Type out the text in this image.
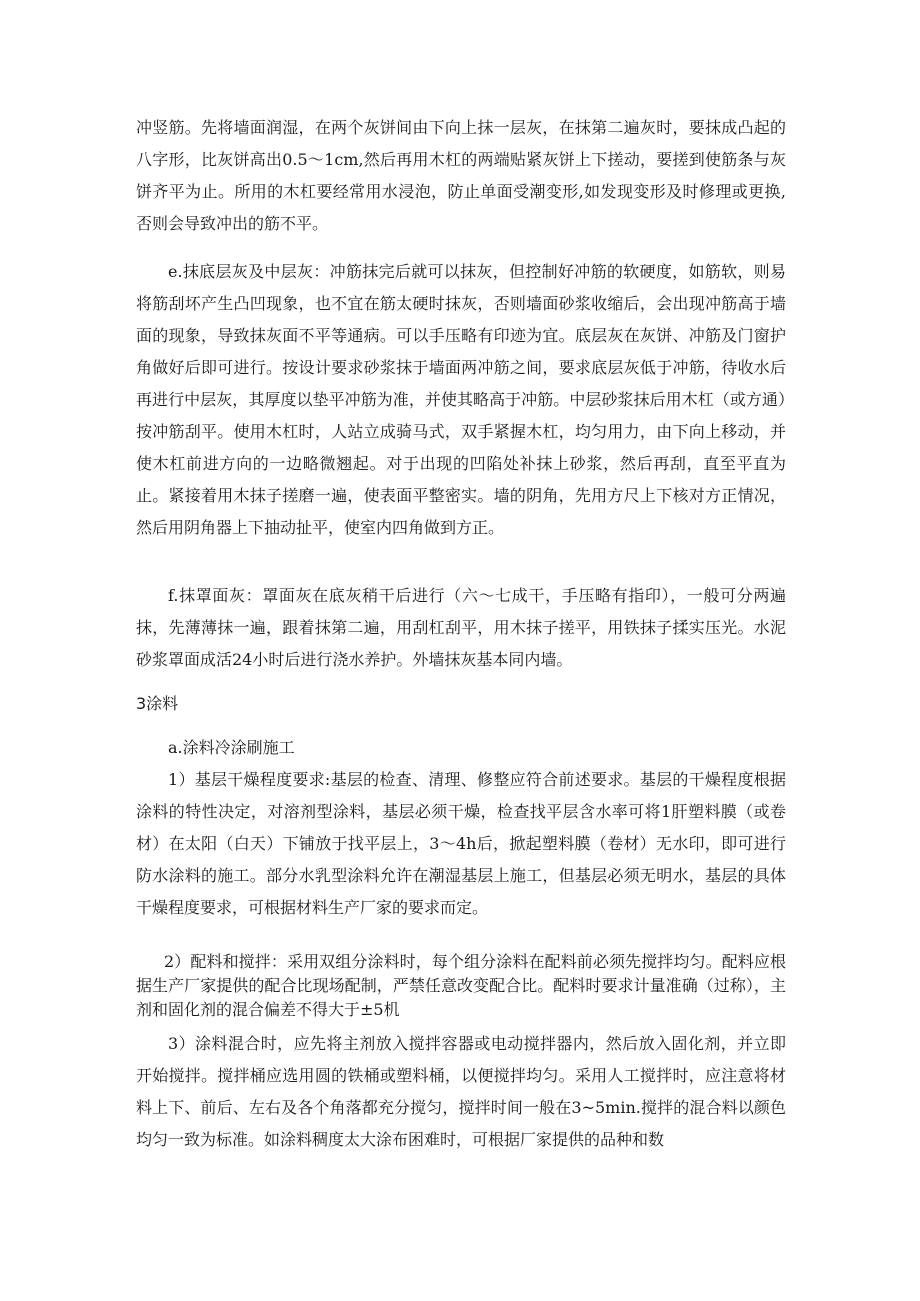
冲竖筋。先将墙面润湿，在两个灰饼间由下向上抹一层灰，在抹第二遍灰时，要抹成凸起的八字形，比灰饼高出0.5～1cm,然后再用木杠的两端贴紧灰饼上下搓动，要搓到使筋条与灰饼齐平为止。所用的木杠要经常用水浸泡，防止单面受潮变形,如发现变形及时修理或更换,否则会导致冲出的筋不平。

e.抹底层灰及中层灰：冲筋抹完后就可以抹灰，但控制好冲筋的软硬度，如筋软，则易将筋刮坏产生凸凹现象，也不宜在筋太硬时抹灰，否则墙面砂浆收缩后，会出现冲筋高于墙面的现象，导致抹灰面不平等通病。可以手压略有印迹为宜。底层灰在灰饼、冲筋及门窗护角做好后即可进行。按设计要求砂浆抹于墙面两冲筋之间，要求底层灰低于冲筋，待收水后再进行中层灰，其厚度以垫平冲筋为准，并使其略高于冲筋。中层砂浆抹后用木杠（或方通）按冲筋刮平。使用木杠时，人站立成骑马式，双手紧握木杠，均匀用力，由下向上移动，并使木杠前进方向的一边略微翘起。对于出现的凹陷处补抹上砂浆，然后再刮，直至平直为止。紧接着用木抹子搓磨一遍，使表面平整密实。墙的阴角，先用方尺上下核对方正情况，然后用阴角器上下抽动扯平，使室内四角做到方正。

f.抹罩面灰：罩面灰在底灰稍干后进行（六～七成干，手压略有指印），一般可分两遍抹，先薄薄抹一遍，跟着抹第二遍，用刮杠刮平，用木抹子搓平，用铁抹子揉实压光。水泥砂浆罩面成活24小时后进行浇水养护。外墙抹灰基本同内墙。

3涂料

a.涂料冷涂刷施工

1）基层干燥程度要求:基层的检查、清理、修整应符合前述要求。基层的干燥程度根据涂料的特性决定，对溶剂型涂料，基层必须干燥，检查找平层含水率可将1肝塑料膜（或卷材）在太阳（白天）下铺放于找平层上，3～4h后，掀起塑料膜（卷材）无水印，即可进行防水涂料的施工。部分水乳型涂料允许在潮湿基层上施工，但基层必须无明水，基层的具体干燥程度要求，可根据材料生产厂家的要求而定。

2）配料和搅拌：采用双组分涂料时，每个组分涂料在配料前必须先搅拌均匀。配料应根据生产厂家提供的配合比现场配制，严禁任意改变配合比。配料时要求计量准确（过称），主剂和固化剂的混合偏差不得大于±5机

3）涂料混合时，应先将主剂放入搅拌容器或电动搅拌器内，然后放入固化剂，并立即开始搅拌。搅拌桶应选用圆的铁桶或塑料桶，以便搅拌均匀。采用人工搅拌时，应注意将材料上下、前后、左右及各个角落都充分搅匀，搅拌时间一般在3~5min.搅拌的混合料以颜色均匀一致为标准。如涂料稠度太大涂布困难时，可根据厂家提供的品种和数
